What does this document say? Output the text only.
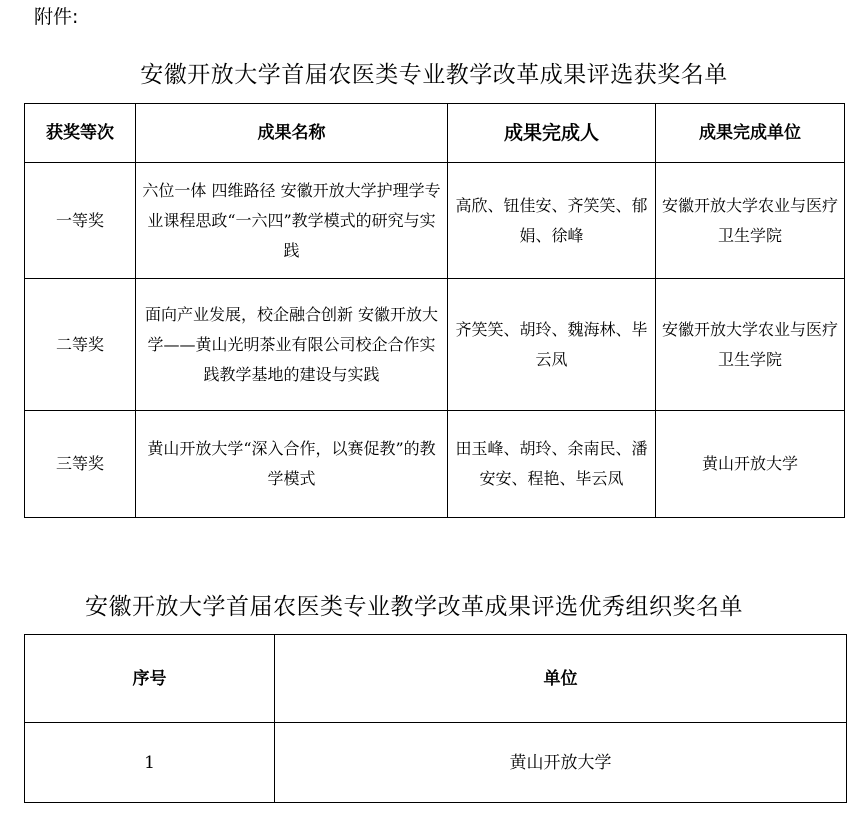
附件:
安徽开放大学首届农医类专业教学改革成果评选获奖名单
获奖等次	成果名称	成果完成人	成果完成单位
一等奖	六位一体 四维路径 安徽开放大学护理学专业课程思政“一六四”教学模式的研究与实践	高欣、钮佳安、齐笑笑、郁娟、徐峰	安徽开放大学农业与医疗卫生学院
二等奖	面向产业发展，校企融合创新 安徽开放大学——黄山光明茶业有限公司校企合作实践教学基地的建设与实践	齐笑笑、胡玲、魏海林、毕云凤	安徽开放大学农业与医疗卫生学院
三等奖	黄山开放大学“深入合作，以赛促教”的教学模式	田玉峰、胡玲、余南民、潘安安、程艳、毕云凤	黄山开放大学
安徽开放大学首届农医类专业教学改革成果评选优秀组织奖名单
序号	单位
1	黄山开放大学
